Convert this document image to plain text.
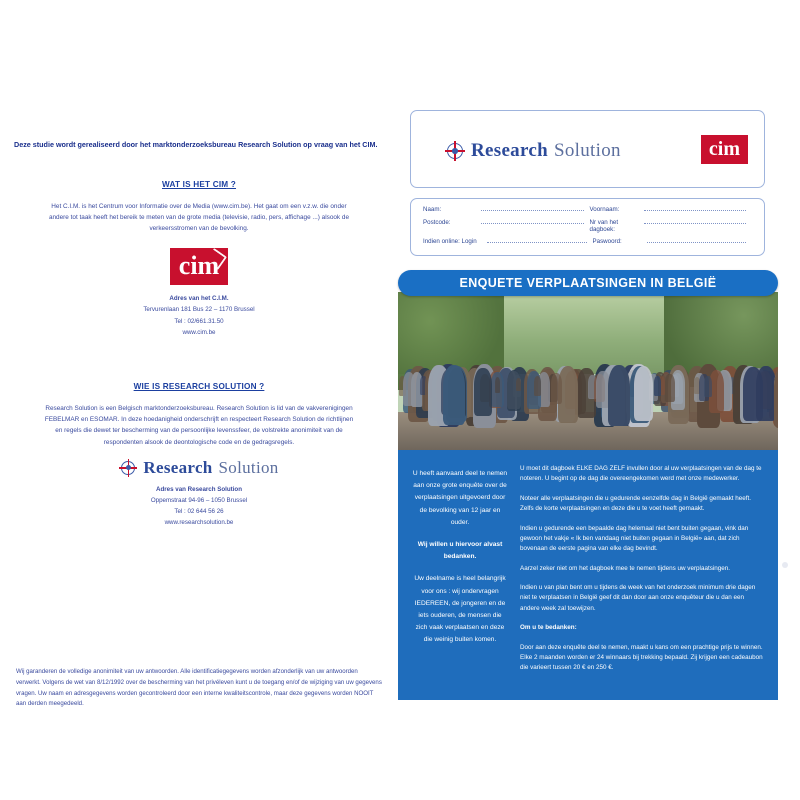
Deze studie wordt gerealiseerd door het marktonderzoeksbureau Research Solution op vraag van het CIM.

WAT IS HET CIM ?
Het C.I.M. is het Centrum voor Informatie over de Media (www.cim.be). Het gaat om een v.z.w. die onder andere tot taak heeft het bereik te meten van de grote media (televisie, radio, pers, affichage ...) alsook de verkeersstromen van de bevolking.
cim
Adres van het C.I.M.
Tervurenlaan 181 Bus 22 – 1170 Brussel
Tel : 02/661.31.50
www.cim.be
WIE IS RESEARCH SOLUTION ?
Research Solution is een Belgisch marktonderzoeksbureau. Research Solution is lid van de vakverenigingen FEBELMAR en ESOMAR. In deze hoedanigheid onderschrijft en respecteert Research Solution de richtlijnen en regels die dewet ter bescherming van de persoonlijke levenssfeer, de volstrekte anonimiteit van de respondenten alsook de deontologische code en de gedragsregels.
Research Solution
Adres van Research Solution
Oppemstraat 94-96 – 1050 Brussel
Tel : 02 644 56 26
www.researchsolution.be
Wij garanderen de volledige anonimiteit van uw antwoorden. Alle identificatiegegevens worden afzonderlijk van uw antwoorden verwerkt. Volgens de wet van 8/12/1992 over de bescherming van het privéleven kunt u de toegang en/of de wijziging van uw gegevens vragen. Uw naam en adresgegevens worden gecontroleerd door een interne kwaliteitscontrole, maar deze gegevens worden NOOIT aan derden meegedeeld.
Research Solution	cim
Naam:	Voornaam:
Postcode:	Nr van het dagboek:
Indien online: Login	Paswoord:
ENQUETE VERPLAATSINGEN IN BELGIË
U heeft aanvaard deel te nemen aan onze grote enquête over de verplaatsingen uitgevoerd door de bevolking van 12 jaar en ouder.
Wij willen u hiervoor alvast bedanken.
Uw deelname is heel belangrijk voor ons : wij ondervragen IEDEREEN, de jongeren en de iets ouderen, de mensen die zich vaak verplaatsen en deze die weinig buiten komen.

U moet dit dagboek ELKE DAG ZELF invullen door al uw verplaatsingen van de dag te noteren. U begint op de dag die overeengekomen werd met onze medewerker.

Noteer alle verplaatsingen die u gedurende eenzelfde dag in België gemaakt heeft. Zelfs de korte verplaatsingen en deze die u te voet heeft gemaakt.

Indien u gedurende een bepaalde dag helemaal niet bent buiten gegaan, vink dan gewoon het vakje « Ik ben vandaag niet buiten gegaan in België» aan, dat zich bovenaan de eerste pagina van elke dag bevindt.

Aarzel zeker niet om het dagboek mee te nemen tijdens uw verplaatsingen.

Indien u van plan bent om u tijdens de week van het onderzoek minimum drie dagen niet te verplaatsen in België geef dit dan door aan onze enquêteur die u dan een andere week zal toewijzen.

Om u te bedanken:

Door aan deze enquête deel te nemen, maakt u kans om een prachtige prijs te winnen. Elke 2 maanden worden er 24 winnaars bij trekking bepaald. Zij krijgen een cadeaubon die varieert tussen 20 € en 250 €.
